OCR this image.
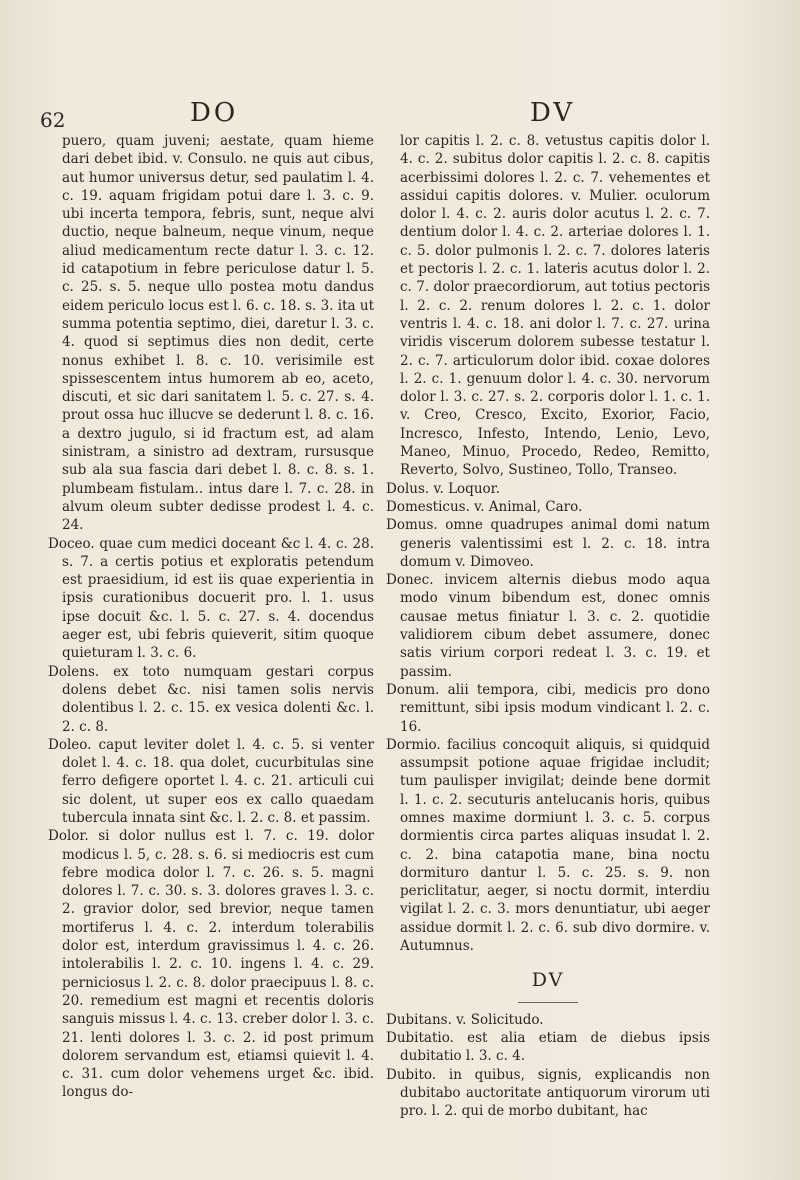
62	DO	DV

puero, quam juveni; aestate, quam hieme dari debet ibid. v. Consulo. ne quis aut cibus, aut humor universus detur, sed paulatim l. 4. c. 19. aquam frigidam potui dare l. 3. c. 9. ubi incerta tempora, febris, sunt, neque alvi ductio, neque balneum, neque vinum, neque aliud medicamentum recte datur l. 3. c. 12. id catapotium in febre periculose datur l. 5. c. 25. s. 5. neque ullo postea motu dandus eidem periculo locus est l. 6. c. 18. s. 3. ita ut summa potentia septimo, diei, daretur l. 3. c. 4. quod si septimus dies non dedit, certe nonus exhibet l. 8. c. 10. verisimile est spissescentem intus humorem ab eo, aceto, discuti, et sic dari sanitatem l. 5. c. 27. s. 4. prout ossa huc illucve se dederunt l. 8. c. 16. a dextro jugulo, si id fractum est, ad alam sinistram, a sinistro ad dextram, rursusque sub ala sua fascia dari debet l. 8. c. 8. s. 1. plumbeam fistulam.. intus dare l. 7. c. 28. in alvum oleum subter dedisse prodest l. 4. c. 24.

Doceo. quae cum medici doceant &c l. 4. c. 28. s. 7. a certis potius et exploratis petendum est praesidium, id est iis quae experientia in ipsis curationibus docuerit pro. l. 1. usus ipse docuit &c. l. 5. c. 27. s. 4. docendus aeger est, ubi febris quieverit, sitim quoque quieturam l. 3. c. 6.

Dolens. ex toto numquam gestari corpus dolens debet &c. nisi tamen solis nervis dolentibus l. 2. c. 15. ex vesica dolenti &c. l. 2. c. 8.

Doleo. caput leviter dolet l. 4. c. 5. si venter dolet l. 4. c. 18. qua dolet, cucurbitulas sine ferro defigere oportet l. 4. c. 21. articuli cui sic dolent, ut super eos ex callo quaedam tubercula innata sint &c. l. 2. c. 8. et passim.

Dolor. si dolor nullus est l. 7. c. 19. dolor modicus l. 5, c. 28. s. 6. si mediocris est cum febre modica dolor l. 7. c. 26. s. 5. magni dolores l. 7. c. 30. s. 3. dolores graves l. 3. c. 2. gravior dolor, sed brevior, neque tamen mortiferus l. 4. c. 2. interdum tolerabilis dolor est, interdum gravissimus l. 4. c. 26. intolerabilis l. 2. c. 10. ingens l. 4. c. 29. perniciosus l. 2. c. 8. dolor praecipuus l. 8. c. 20. remedium est magni et recentis doloris sanguis missus l. 4. c. 13. creber dolor l. 3. c. 21. lenti dolores l. 3. c. 2. id post primum dolorem servandum est, etiamsi quievit l. 4. c. 31. cum dolor vehemens urget &c. ibid. longus do-

lor capitis l. 2. c. 8. vetustus capitis dolor l. 4. c. 2. subitus dolor capitis l. 2. c. 8. capitis acerbissimi dolores l. 2. c. 7. vehementes et assidui capitis dolores. v. Mulier. oculorum dolor l. 4. c. 2. auris dolor acutus l. 2. c. 7. dentium dolor l. 4. c. 2. arteriae dolores l. 1. c. 5. dolor pulmonis l. 2. c. 7. dolores lateris et pectoris l. 2. c. 1. lateris acutus dolor l. 2. c. 7. dolor praecordiorum, aut totius pectoris l. 2. c. 2. renum dolores l. 2. c. 1. dolor ventris l. 4. c. 18. ani dolor l. 7. c. 27. urina viridis viscerum dolorem subesse testatur l. 2. c. 7. articulorum dolor ibid. coxae dolores l. 2. c. 1. genuum dolor l. 4. c. 30. nervorum dolor l. 3. c. 27. s. 2. corporis dolor l. 1. c. 1. v. Creo, Cresco, Excito, Exorior, Facio, Incresco, Infesto, Intendo, Lenio, Levo, Maneo, Minuo, Procedo, Redeo, Remitto, Reverto, Solvo, Sustineo, Tollo, Transeo.

Dolus. v. Loquor.

Domesticus. v. Animal, Caro.

Domus. omne quadrupes animal domi natum generis valentissimi est l. 2. c. 18. intra domum v. Dimoveo.

Donec. invicem alternis diebus modo aqua modo vinum bibendum est, donec omnis causae metus finiatur l. 3. c. 2. quotidie validiorem cibum debet assumere, donec satis virium corpori redeat l. 3. c. 19. et passim.

Donum. alii tempora, cibi, medicis pro dono remittunt, sibi ipsis modum vindicant l. 2. c. 16.

Dormio. facilius concoquit aliquis, si quidquid assumpsit potione aquae frigidae includit; tum paulisper invigilat; deinde bene dormit l. 1. c. 2. secuturis antelucanis horis, quibus omnes maxime dormiunt l. 3. c. 5. corpus dormientis circa partes aliquas insudat l. 2. c. 2. bina catapotia mane, bina noctu dormituro dantur l. 5. c. 25. s. 9. non periclitatur, aeger, si noctu dormit, interdiu vigilat l. 2. c. 3. mors denuntiatur, ubi aeger assidue dormit l. 2. c. 6. sub divo dormire. v. Autumnus.

DV

Dubitans. v. Solicitudo.

Dubitatio. est alia etiam de diebus ipsis dubitatio l. 3. c. 4.

Dubito. in quibus, signis, explicandis non dubitabo auctoritate antiquorum virorum uti pro. l. 2. qui de morbo dubitant, hac
